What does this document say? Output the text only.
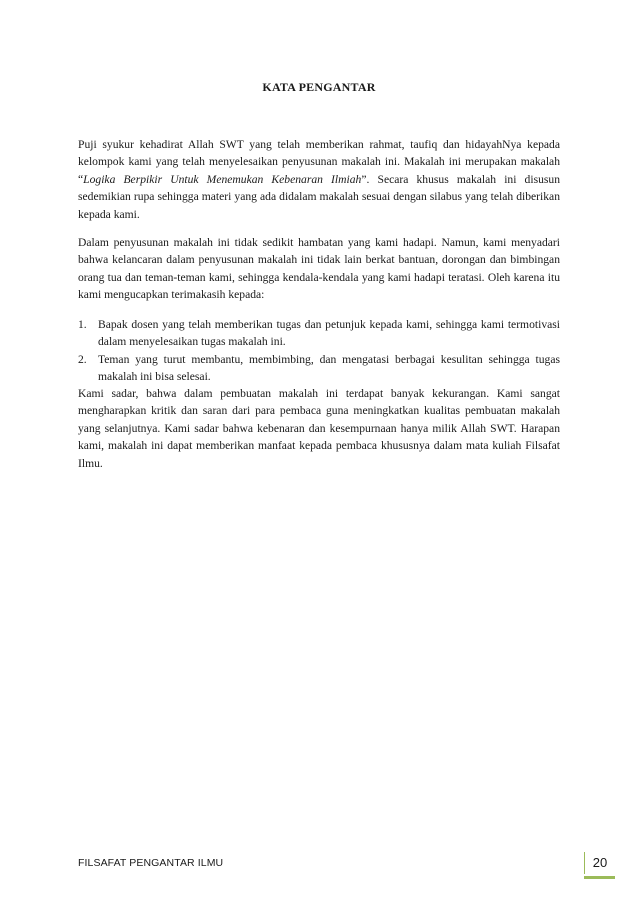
KATA PENGANTAR

Puji syukur kehadirat Allah SWT yang telah memberikan rahmat, taufiq dan hidayahNya kepada kelompok kami yang telah menyelesaikan penyusunan makalah ini. Makalah ini merupakan makalah “Logika Berpikir Untuk Menemukan Kebenaran Ilmiah”. Secara khusus makalah ini disusun sedemikian rupa sehingga materi yang ada didalam makalah sesuai dengan silabus yang telah diberikan kepada kami.

Dalam penyusunan makalah ini tidak sedikit hambatan yang kami hadapi. Namun, kami menyadari bahwa kelancaran dalam penyusunan makalah ini tidak lain berkat bantuan, dorongan dan bimbingan orang tua dan teman-teman kami, sehingga kendala-kendala yang kami hadapi teratasi. Oleh karena itu kami mengucapkan terimakasih kepada:

1. Bapak dosen yang telah memberikan tugas dan petunjuk kepada kami, sehingga kami termotivasi dalam menyelesaikan tugas makalah ini.
2. Teman yang turut membantu, membimbing, dan mengatasi berbagai kesulitan sehingga tugas makalah ini bisa selesai.

Kami sadar, bahwa dalam pembuatan makalah ini terdapat banyak kekurangan. Kami sangat mengharapkan kritik dan saran dari para pembaca guna meningkatkan kualitas pembuatan makalah yang selanjutnya. Kami sadar bahwa kebenaran dan kesempurnaan hanya milik Allah SWT. Harapan kami, makalah ini dapat memberikan manfaat kepada pembaca khususnya dalam mata kuliah Filsafat Ilmu.

FILSAFAT PENGANTAR ILMU	20
